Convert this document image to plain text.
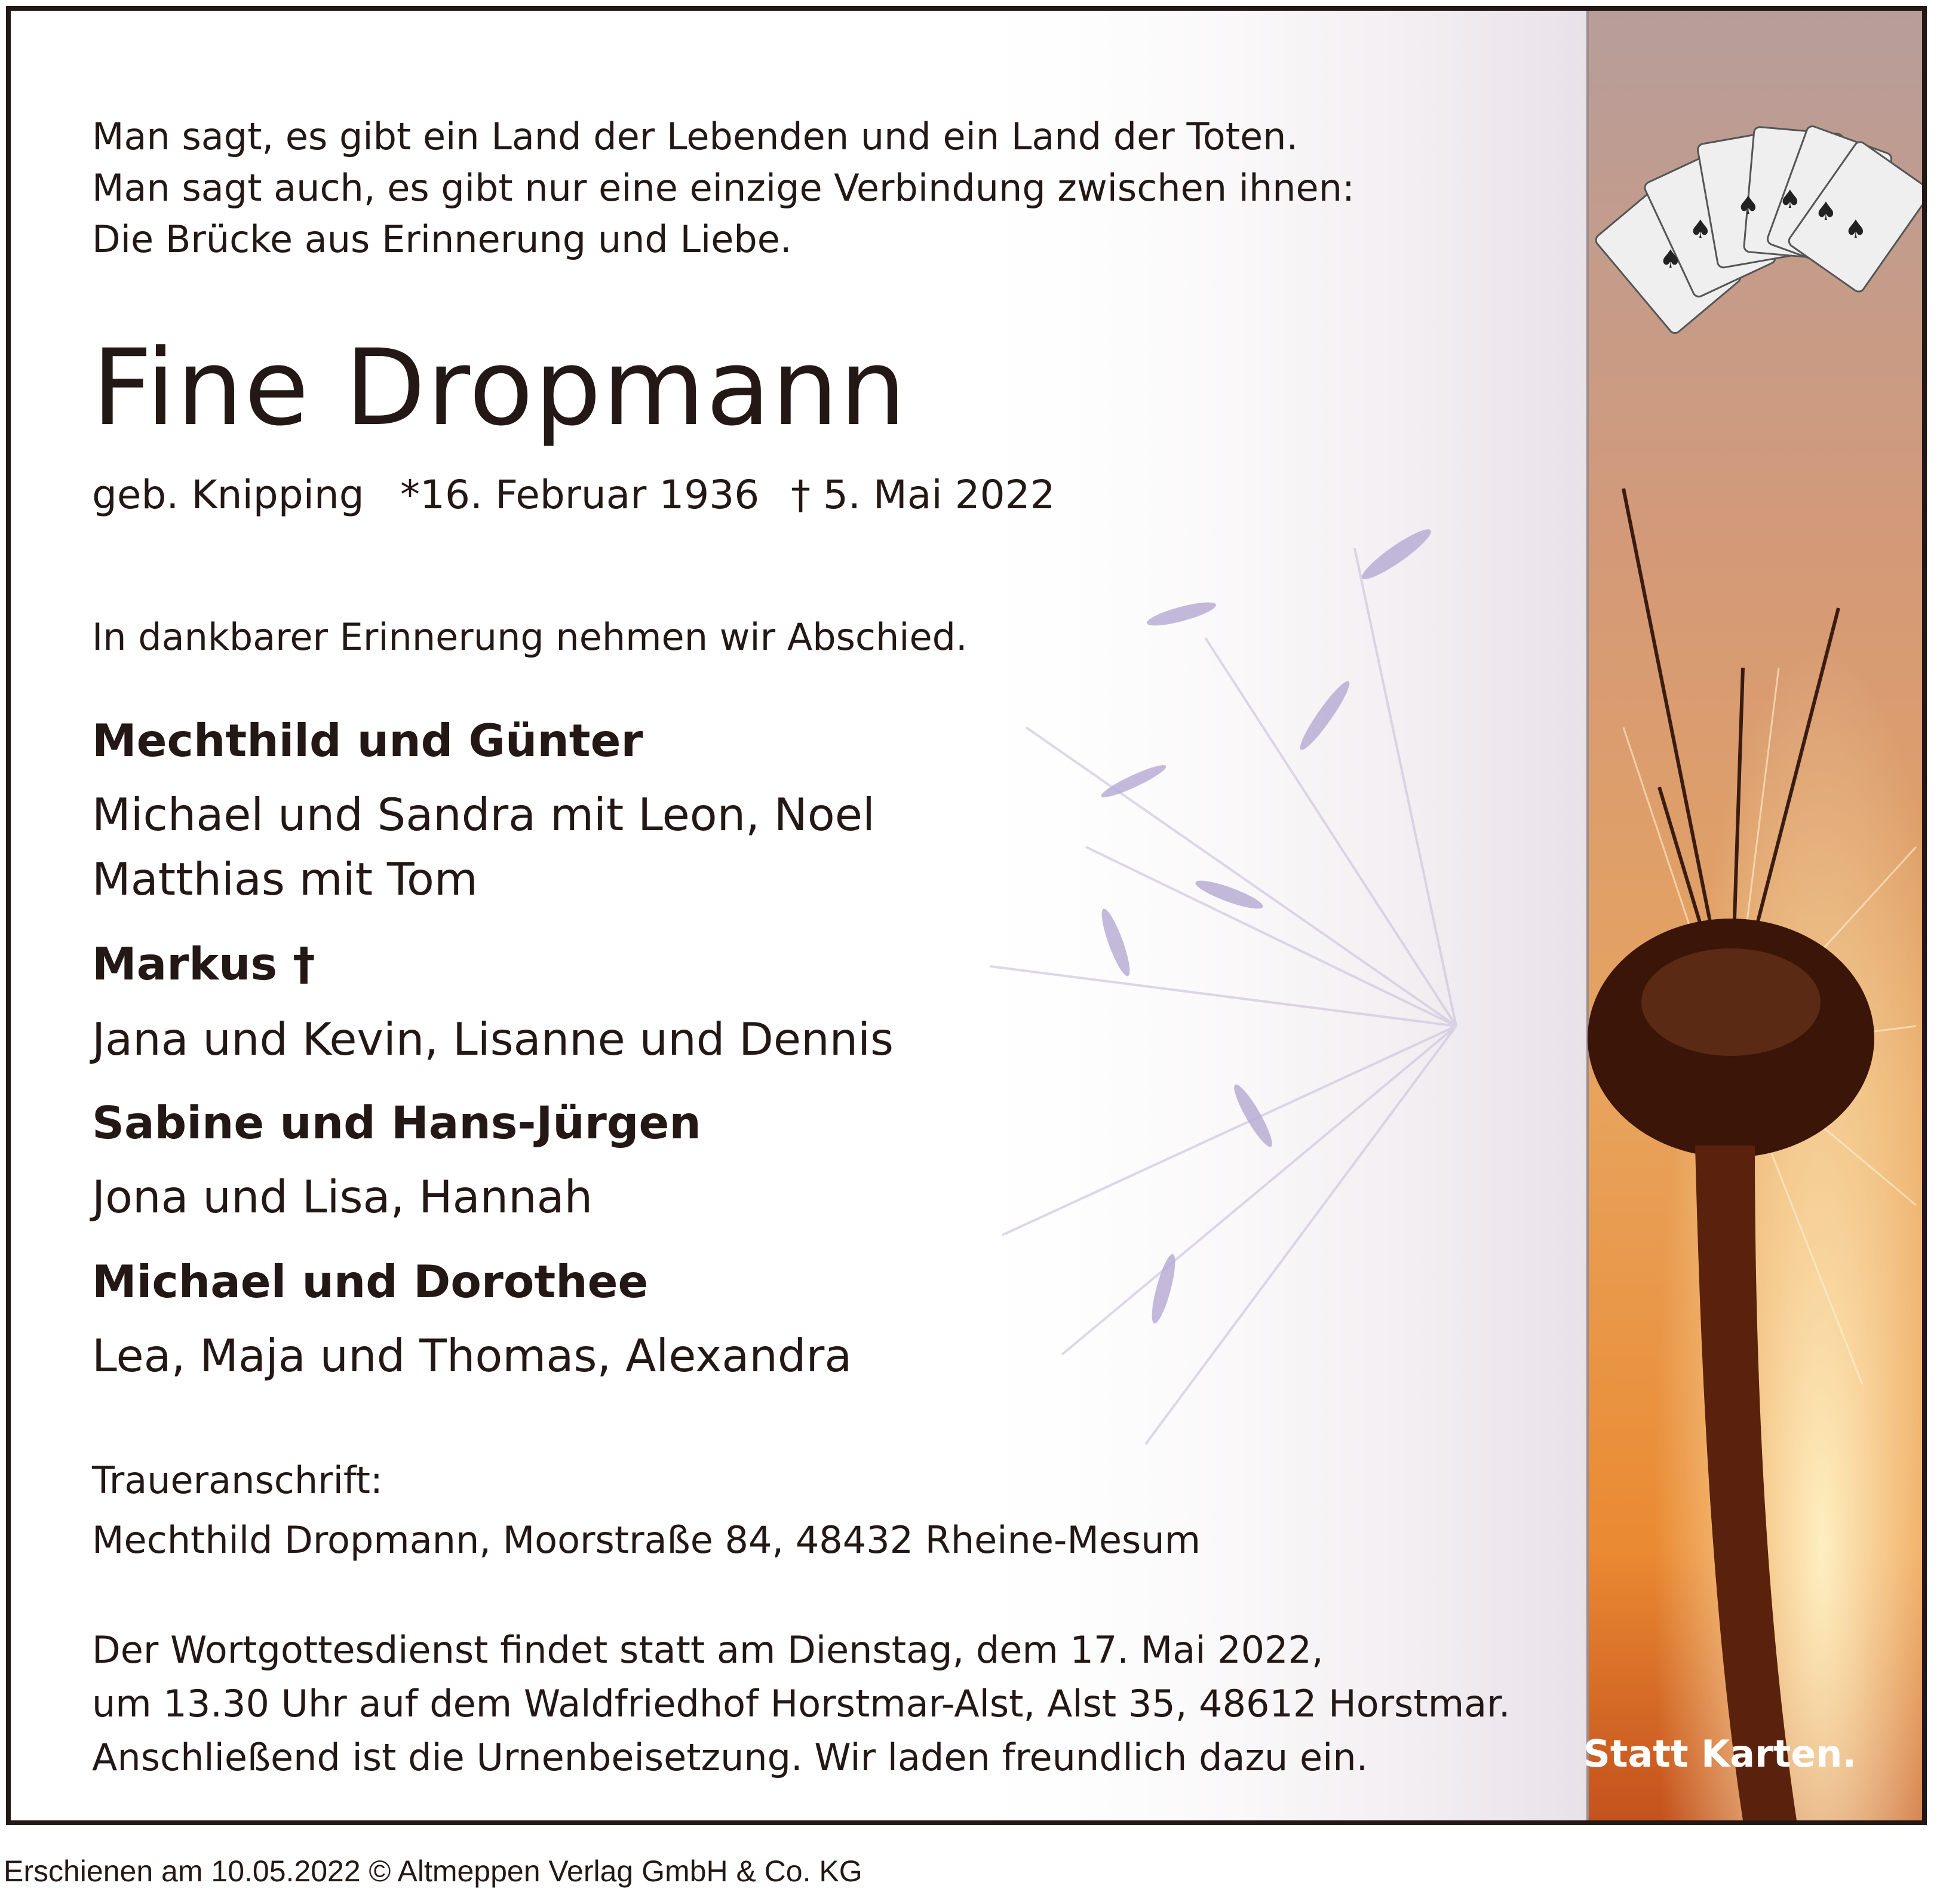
♠
♠
♠ ♠ ♠
♠
Man sagt, es gibt ein Land der Lebenden und ein Land der Toten.
Man sagt auch, es gibt nur eine einzige Verbindung zwischen ihnen:
Die Brücke aus Erinnerung und Liebe.
Fine Dropmann
geb. Knipping *16. Februar 1936 † 5. Mai 2022
In dankbarer Erinnerung nehmen wir Abschied.
Mechthild und Günter
Michael und Sandra mit Leon, Noel
Matthias mit Tom
Markus †
Jana und Kevin, Lisanne und Dennis
Sabine und Hans-Jürgen
Jona und Lisa, Hannah
Michael und Dorothee
Lea, Maja und Thomas, Alexandra
Traueranschrift:
Mechthild Dropmann, Moorstraße 84, 48432 Rheine-Mesum
Der Wortgottesdienst findet statt am Dienstag, dem 17. Mai 2022,
um 13.30 Uhr auf dem Waldfriedhof Horstmar-Alst, Alst 35, 48612 Horstmar.
Anschließend ist die Urnenbeisetzung. Wir laden freundlich dazu ein.	Statt Karten.
Erschienen am 10.05.2022 © Altmeppen Verlag GmbH & Co. KG
